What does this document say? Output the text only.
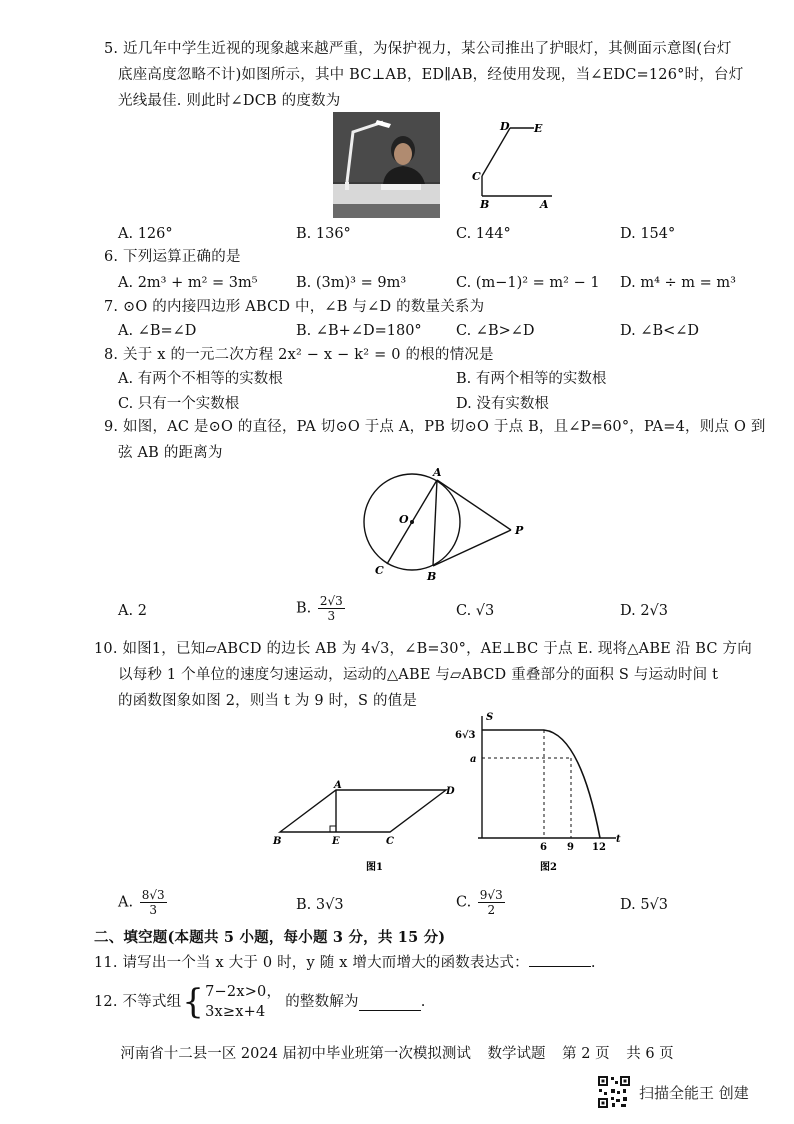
5. 近几年中学生近视的现象越来越严重，为保护视力，某公司推出了护眼灯，其侧面示意图(台灯
底座高度忽略不计)如图所示，其中 BC⊥AB，ED∥AB，经使用发现，当∠EDC=126°时，台灯
光线最佳. 则此时∠DCB 的度数为
D E
C
B	A
A. 126°	B. 136°	C. 144°	D. 154°
6. 下列运算正确的是
A. 2m³ + m² = 3m⁵	B. (3m)³ = 9m³	C. (m−1)² = m² − 1 D. m⁴ ÷ m = m³
7. ⊙O 的内接四边形 ABCD 中，∠B 与∠D 的数量关系为
A. ∠B=∠D	B. ∠B+∠D=180° C. ∠B>∠D	D. ∠B<∠D
8. 关于 x 的一元二次方程 2x² − x − k² = 0 的根的情况是
A. 有两个不相等的实数根	B. 有两个相等的实数根
C. 只有一个实数根	D. 没有实数根
9. 如图，AC 是⊙O 的直径，PA 切⊙O 于点 A，PB 切⊙O 于点 B，且∠P=60°，PA=4，则点 O 到
弦 AB 的距离为
A
O
P
C	B
A. 2	B. $\frac{2√3}{3}$	C. √3	D. 2√3
10. 如图1，已知▱ABCD 的边长 AB 为 4√3，∠B=30°，AE⊥BC 于点 E. 现将△ABE 沿 BC 方向
以每秒 1 个单位的速度匀速运动，运动的△ABE 与▱ABCD 重叠部分的面积 S 与运动时间 t
的函数图象如图 2，则当 t 为 9 时，S 的值是
A
D
B	E	C
图1
S
6√3
a
t
6 9 12
图2
A. $\frac{8√3}{3}$	B. 3√3	C. $\frac{9√3}{2}$	D. 5√3
二、填空题(本题共 5 小题，每小题 3 分，共 15 分)
11. 请写出一个当 x 大于 0 时，y 随 x 增大而增大的函数表达式：	.
12. 不等式组 { 7−2x>0，
3x≥x+4
的整数解为	.
河南省十二县一区 2024 届初中毕业班第一次模拟测试 数学试题 第 2 页 共 6 页
扫描全能王 创建
